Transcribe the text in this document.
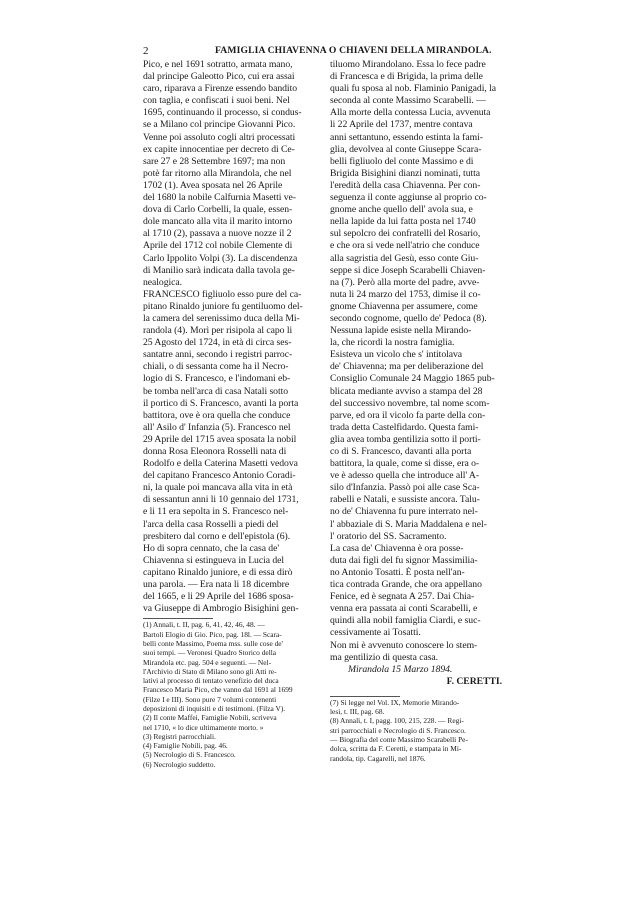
2	FAMIGLIA CHIAVENNA O CHIAVENI DELLA MIRANDOLA.
Pico, e nel 1691 sotratto, armata mano,
dal principe Galeotto Pico, cui era assai
caro, riparava a Firenze essendo bandito
con taglia, e confiscati i suoi beni. Nel
1695, continuando il processo, si condus-
se a Milano col principe Giovanni Pico.
Venne poi assoluto cogli altri processati
ex capite innocentiae per decreto di Ce-
sare 27 e 28 Settembre 1697; ma non
potè far ritorno alla Mirandola, che nel
1702 (1). Avea sposata nel 26 Aprile
del 1680 la nobile Calfurnia Masetti ve-
dova di Carlo Corbelli, la quale, essen-
dole mancato alla vita il marito intorno
al 1710 (2), passava a nuove nozze il 2
Aprile del 1712 col nobile Clemente di
Carlo Ippolito Volpi (3). La discendenza
di Manilio sarà indicata dalla tavola ge-
nealogica.
FRANCESCO figliuolo esso pure del ca-
pitano Rinaldo juniore fu gentiluomo del-
la camera del serenissimo duca della Mi-
randola (4). Morì per risipola al capo li
25 Agosto del 1724, in età di circa ses-
santatre anni, secondo i registri parroc-
chiali, o di sessanta come ha il Necro-
logio di S. Francesco, e l'indomani eb-
be tomba nell'arca di casa Natali sotto
il portico di S. Francesco, avanti la porta
battitora, ove è ora quella che conduce
all' Asilo d' Infanzia (5). Francesco nel
29 Aprile del 1715 avea sposata la nobil
donna Rosa Eleonora Rosselli nata di
Rodolfo e della Caterina Masetti vedova
del capitano Francesco Antonio Coradi-
ni, la quale poi mancava alla vita in età
di sessantun anni li 10 gennaio del 1731,
e li 11 era sepolta in S. Francesco nel-
l'arca della casa Rosselli a piedi del
presbitero dal corno e dell'epistola (6).
Ho di sopra cennato, che la casa de'
Chiavenna si estingueva in Lucia del
capitano Rinaldo juniore, e di essa dirò
una parola. — Era nata li 18 dicembre
del 1665, e li 29 Aprile del 1686 sposa-
va Giuseppe di Ambrogio Bisighini gen-
(1) Annali, t. II, pag. 6, 41, 42, 46, 48. —
Bartoli Elogio di Gio. Pico, pag. 18l. — Scara-
belli conte Massimo, Poema mss. sulle cose de'
suoi tempi. — Veronesi Quadro Storico della
Mirandola etc. pag. 504 e seguenti. — Nel-
l'Archivio di Stato di Milano sono gli Atti re-
lativi al processo di tentato venefizio del duca
Francesco Maria Pico, che vanno dal 1691 al 1699
(Filze I e III). Sono pure 7 volumi contenenti
deposizioni di inquisiti e di testimoni. (Filza V).
(2) Il conte Maffei, Famiglie Nobili, scriveva
nel 1710, « lo dice ultimamente morto. »
(3) Registri parrocchiali.
(4) Famiglie Nobili, pag. 46.
(5) Necrologio di S. Francesco.
(6) Necrologio suddetto.
tiluomo Mirandolano. Essa lo fece padre
di Francesca e di Brigida, la prima delle
quali fu sposa al nob. Flaminio Panigadi, la
seconda al conte Massimo Scarabelli. —
Alla morte della contessa Lucia, avvenuta
li 22 Aprile del 1737, mentre contava
anni settantuno, essendo estinta la fami-
glia, devolvea al conte Giuseppe Scara-
belli figliuolo del conte Massimo e di
Brigida Bisighini dianzi nominati, tutta
l'eredità della casa Chiavenna. Per con-
seguenza il conte aggiunse al proprio co-
gnome anche quello dell' avola sua, e
nella lapide da lui fatta posta nel 1740
sul sepolcro dei confratelli del Rosario,
e che ora si vede nell'atrio che conduce
alla sagristia del Gesù, esso conte Giu-
seppe si dice Joseph Scarabelli Chiaven-
na (7). Però alla morte del padre, avve-
nuta li 24 marzo del 1753, dimise il co-
gnome Chiavenna per assumere, come
secondo cognome, quello de' Pedoca (8).
Nessuna lapide esiste nella Mirando-
la, che ricordi la nostra famiglia.
Esisteva un vicolo che s' intitolava
de' Chiavenna; ma per deliberazione del
Consiglio Comunale 24 Maggio 1865 pub-
blicata mediante avviso a stampa del 28
del successivo novembre, tal nome scom-
parve, ed ora il vicolo fa parte della con-
trada detta Castelfidardo. Questa fami-
glia avea tomba gentilizia sotto il porti-
co di S. Francesco, davanti alla porta
battitora, la quale, come si disse, era o-
ve è adesso quella che introduce all' A-
silo d'Infanzia. Passò poi alle case Sca-
rabelli e Natali, e sussiste ancora. Talu-
no de' Chiavenna fu pure interrato nel-
l' abbaziale di S. Maria Maddalena e nel-
l' oratorio del SS. Sacramento.
La casa de' Chiavenna è ora posse-
duta dai figli del fu signor Massimilia-
no Antonio Tosatti. È posta nell'an-
tica contrada Grande, che ora appellano
Fenice, ed è segnata A 257. Dai Chia-
venna era passata ai conti Scarabelli, e
quindi alla nobil famiglia Ciardi, e suc-
cessivamente ai Tosatti.
Non mi è avvenuto conoscere lo stem-
ma gentilizio di questa casa.
Mirandola 15 Marzo 1894.
F. CERETTI.
(7) Si legge nel Vol. IX, Memorie Mirando-
lesi, t. III, pag. 68.
(8) Annali, t. I, pagg. 100, 215, 228. — Regi-
stri parrocchiali e Necrologio di S. Francesco.
— Biografia del conte Massimo Scarabelli Pe-
dolca, scritta da F. Ceretti, e stampata in Mi-
randola, tip. Cagarelli, nel 1876.
